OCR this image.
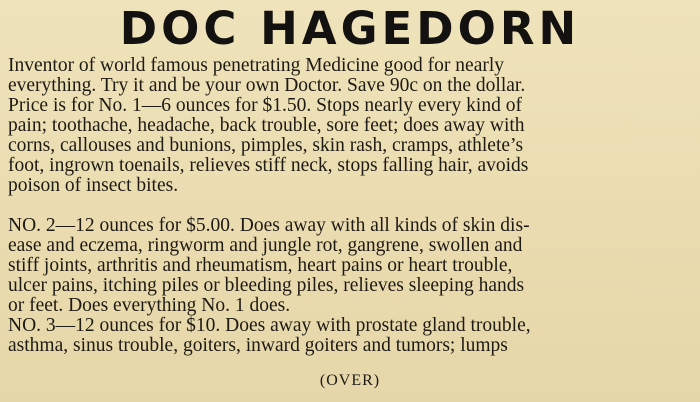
DOC HAGEDORN
Inventor of world famous penetrating Medicine good for nearly
everything. Try it and be your own Doctor. Save 90c on the dollar.
Price is for No. 1—6 ounces for $1.50. Stops nearly every kind of
pain; toothache, headache, back trouble, sore feet; does away with
corns, callouses and bunions, pimples, skin rash, cramps, athlete’s
foot, ingrown toenails, relieves stiff neck, stops falling hair, avoids
poison of insect bites.
NO. 2—12 ounces for $5.00. Does away with all kinds of skin dis-
ease and eczema, ringworm and jungle rot, gangrene, swollen and
stiff joints, arthritis and rheumatism, heart pains or heart trouble,
ulcer pains, itching piles or bleeding piles, relieves sleeping hands
or feet. Does everything No. 1 does.
NO. 3—12 ounces for $10. Does away with prostate gland trouble,
asthma, sinus trouble, goiters, inward goiters and tumors; lumps
(OVER)
